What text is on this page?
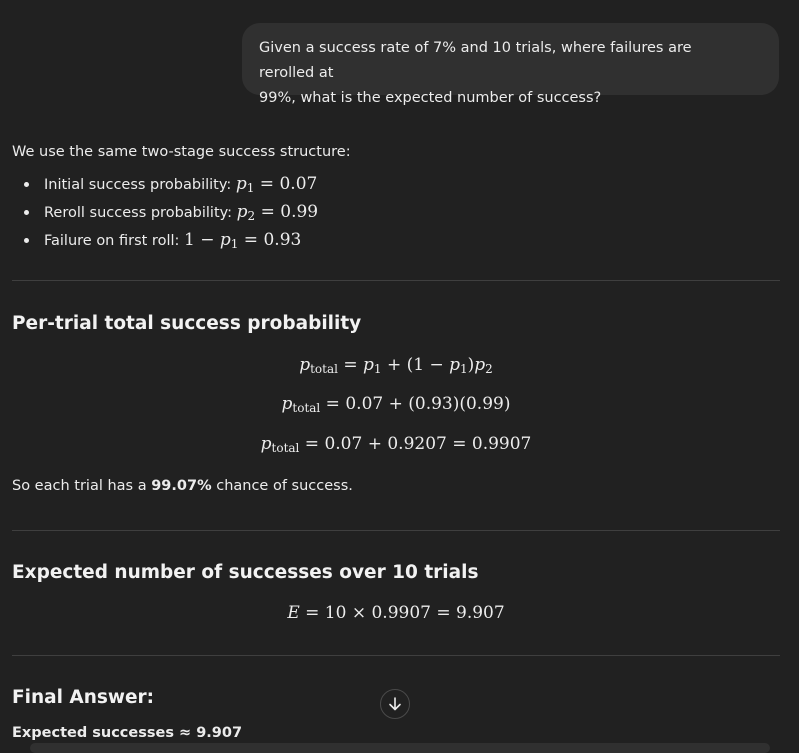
Given a success rate of 7% and 10 trials, where failures are rerolled at
99%, what is the expected number of success?
We use the same two-stage success structure:
Initial success probability: $p_1 = 0.07$
Reroll success probability: $p_2 = 0.99$
Failure on first roll: $1 - p_1 = 0.93$
Per-trial total success probability
$p_{total} = p_1 + (1 - p_1)p_2$
$p_{total} = 0.07 + (0.93)(0.99)$
$p_{total} = 0.07 + 0.9207 = 0.9907$
So each trial has a 99.07% chance of success.
Expected number of successes over 10 trials
E = 10 × 0.9907 = 9.907
Final Answer:
Expected successes ≈ 9.907
